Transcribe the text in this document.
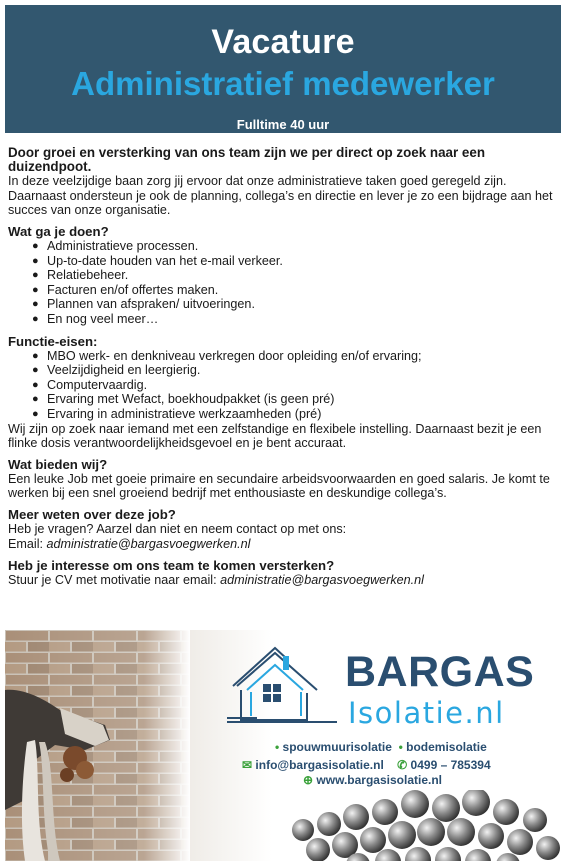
Vacature
Administratief medewerker
Fulltime 40 uur

Door groei en versterking van ons team zijn we per direct op zoek naar een duizendpoot.

In deze veelzijdige baan zorg jij ervoor dat onze administratieve taken goed geregeld zijn. Daarnaast ondersteun je ook de planning, collega’s en directie en lever je zo een bijdrage aan het succes van onze organisatie.

Wat ga je doen?
● Administratieve processen.
● Up-to-date houden van het e-mail verkeer.
● Relatiebeheer.
● Facturen en/of offertes maken.
● Plannen van afspraken/ uitvoeringen.
● En nog veel meer…
Functie-eisen:
● MBO werk- en denkniveau verkregen door opleiding en/of ervaring;
● Veelzijdigheid en leergierig.
● Computervaardig.
● Ervaring met Wefact, boekhoudpakket (is geen pré)
● Ervaring in administratieve werkzaamheden (pré)

Wij zijn op zoek naar iemand met een zelfstandige en flexibele instelling. Daarnaast bezit je een flinke dosis verantwoordelijkheidsgevoel en je bent accuraat.

Wat bieden wij?

Een leuke Job met goeie primaire en secundaire arbeidsvoorwaarden en goed salaris. Je komt te werken bij een snel groeiend bedrijf met enthousiaste en deskundige collega’s.

Meer weten over deze job?

Heb je vragen? Aarzel dan niet en neem contact op met ons:

Email: administratie@bargasvoegwerken.nl

Heb je interesse om ons team te komen versterken?

Stuur je CV met motivatie naar email: administratie@bargasvoegwerken.nl

BARGAS
Isolatie.nl
• spouwmuurisolatie • bodemisolatie
✉ info@bargasisolatie.nl ✆ 0499 – 785394
⊕ www.bargasisolatie.nl
